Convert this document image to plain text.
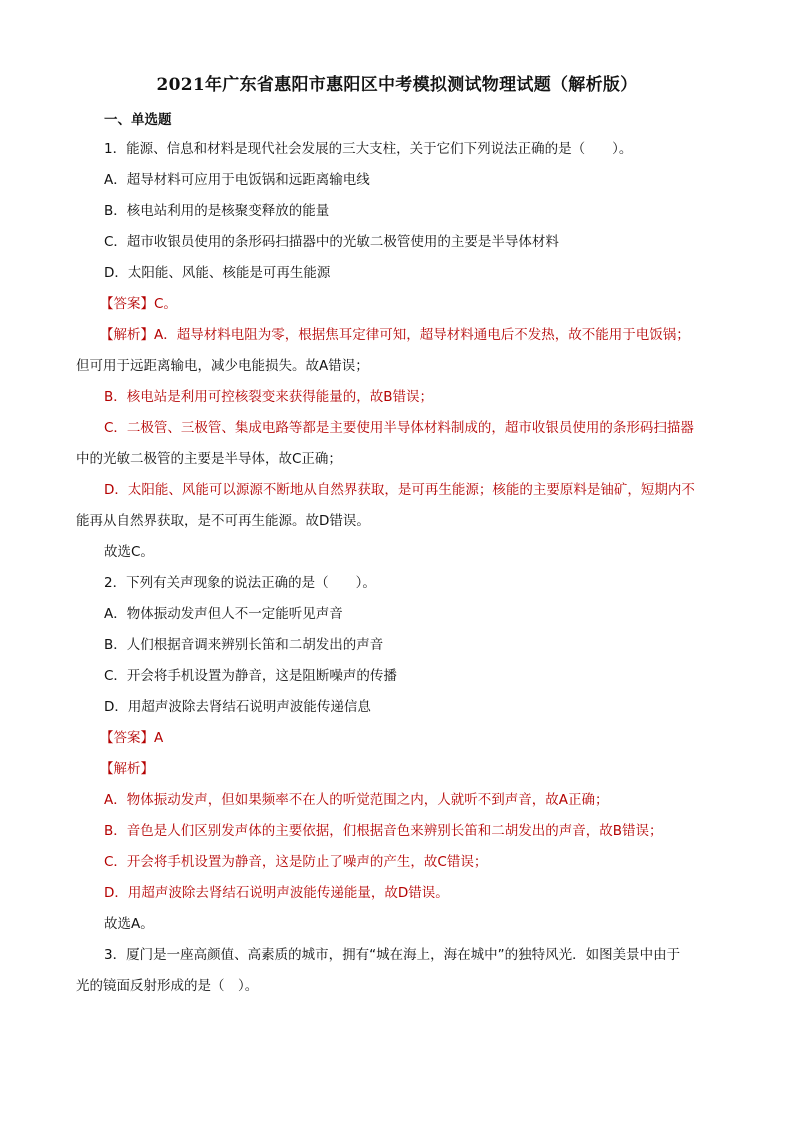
2021年广东省惠阳市惠阳区中考模拟测试物理试题（解析版）
一、单选题
1．能源、信息和材料是现代社会发展的三大支柱，关于它们下列说法正确的是（　　）。
A．超导材料可应用于电饭锅和远距离输电线
B．核电站利用的是核聚变释放的能量
C．超市收银员使用的条形码扫描器中的光敏二极管使用的主要是半导体材料
D．太阳能、风能、核能是可再生能源
【答案】C。
【解析】A．超导材料电阻为零，根据焦耳定律可知，超导材料通电后不发热，故不能用于电饭锅；
但可用于远距离输电，减少电能损失。故A错误；
B．核电站是利用可控核裂变来获得能量的，故B错误；
C．二极管、三极管、集成电路等都是主要使用半导体材料制成的，超市收银员使用的条形码扫描器
中的光敏二极管的主要是半导体，故C正确；
D．太阳能、风能可以源源不断地从自然界获取，是可再生能源；核能的主要原料是铀矿，短期内不
能再从自然界获取，是不可再生能源。故D错误。
故选C。
2．下列有关声现象的说法正确的是（　　）。
A．物体振动发声但人不一定能听见声音
B．人们根据音调来辨别长笛和二胡发出的声音
C．开会将手机设置为静音，这是阻断噪声的传播
D．用超声波除去肾结石说明声波能传递信息
【答案】A
【解析】
A．物体振动发声，但如果频率不在人的听觉范围之内，人就听不到声音，故A正确；
B．音色是人们区别发声体的主要依据，们根据音色来辨别长笛和二胡发出的声音，故B错误；
C．开会将手机设置为静音，这是防止了噪声的产生，故C错误；
D．用超声波除去肾结石说明声波能传递能量，故D错误。
故选A。
3．厦门是一座高颜值、高素质的城市，拥有“城在海上，海在城中”的独特风光．如图美景中由于
光的镜面反射形成的是（　）。
